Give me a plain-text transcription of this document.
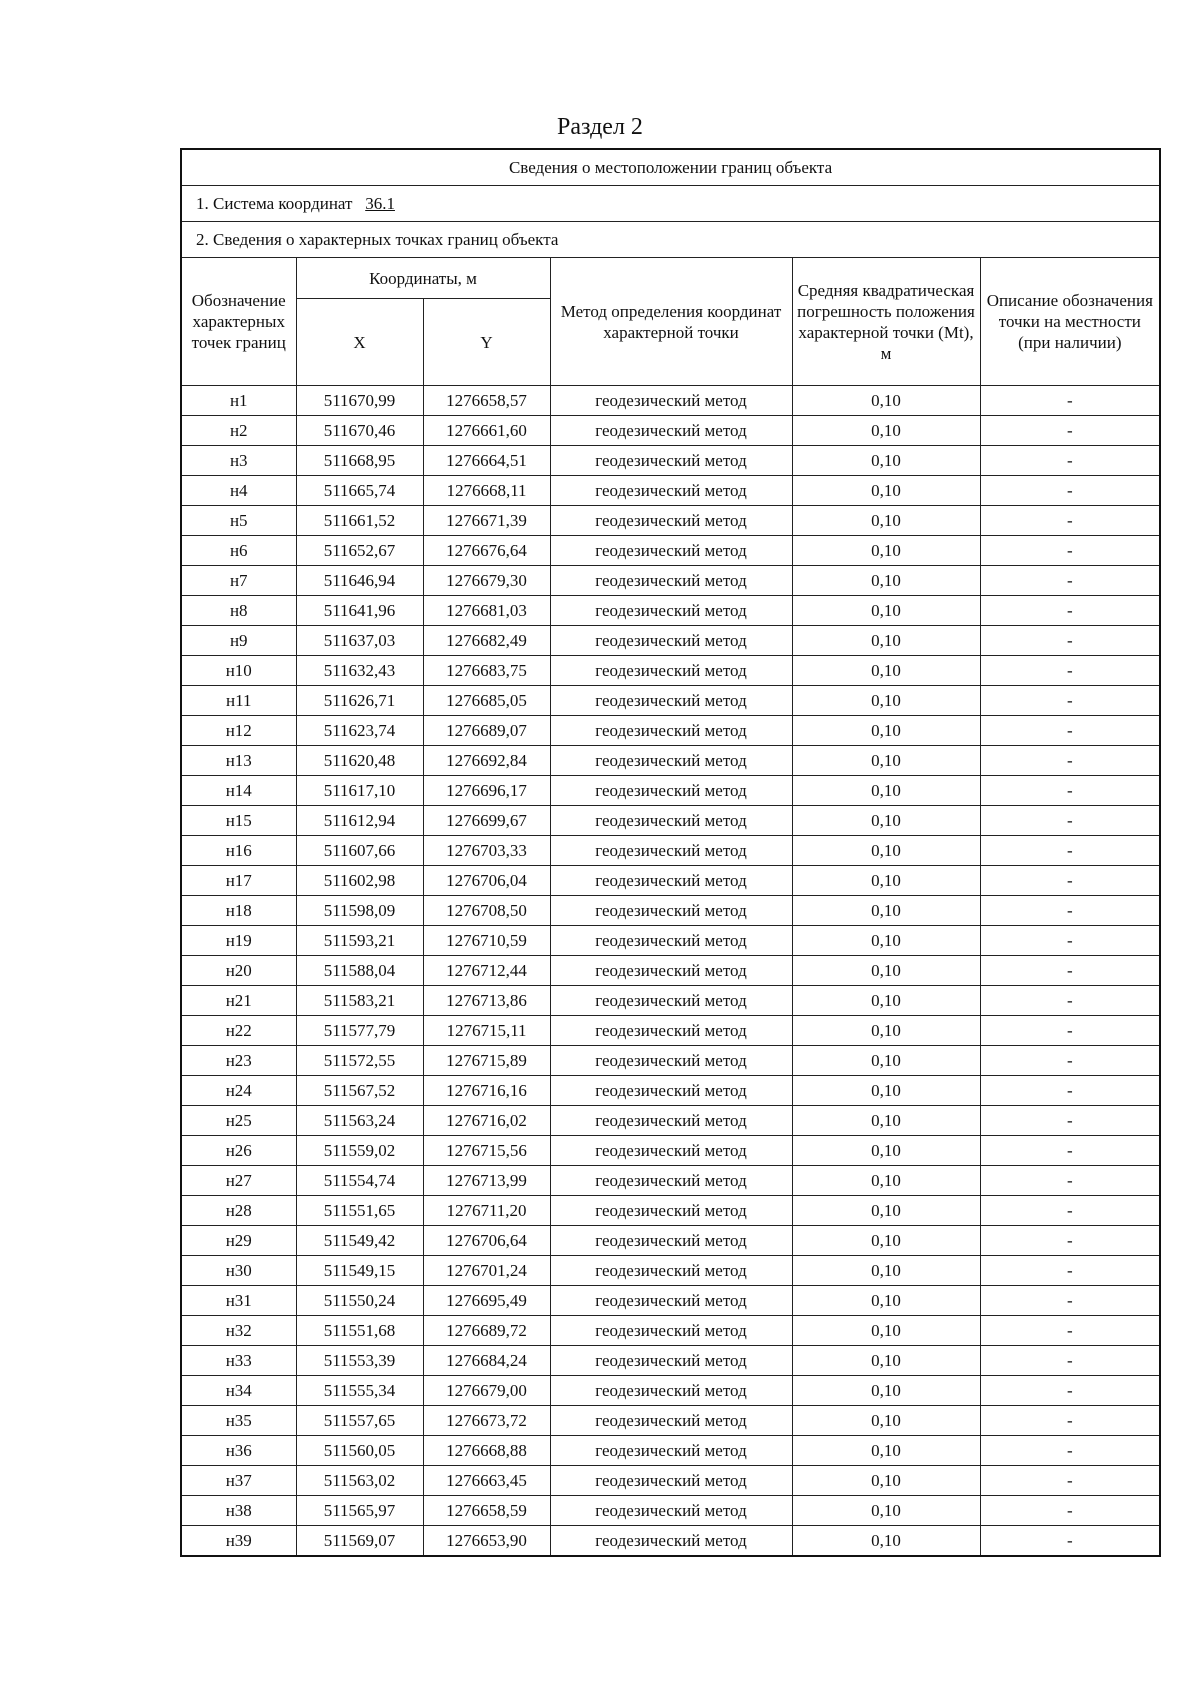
Раздел 2
Сведения о местоположении границ объекта					
1. Система координат 36.1					
2. Сведения о характерных точках границ объекта					
Обозначение характерных точек границ	Координаты, м		Метод определения координат характерной точки	Средняя квадратическая погрешность положения характерной точки (Mt), м	Описание обозначения точки на местности (при наличии)
	X	Y			
н1	511670,99	1276658,57	геодезический метод	0,10	-
н2	511670,46	1276661,60	геодезический метод	0,10	-
н3	511668,95	1276664,51	геодезический метод	0,10	-
н4	511665,74	1276668,11	геодезический метод	0,10	-
н5	511661,52	1276671,39	геодезический метод	0,10	-
н6	511652,67	1276676,64	геодезический метод	0,10	-
н7	511646,94	1276679,30	геодезический метод	0,10	-
н8	511641,96	1276681,03	геодезический метод	0,10	-
н9	511637,03	1276682,49	геодезический метод	0,10	-
н10	511632,43	1276683,75	геодезический метод	0,10	-
н11	511626,71	1276685,05	геодезический метод	0,10	-
н12	511623,74	1276689,07	геодезический метод	0,10	-
н13	511620,48	1276692,84	геодезический метод	0,10	-
н14	511617,10	1276696,17	геодезический метод	0,10	-
н15	511612,94	1276699,67	геодезический метод	0,10	-
н16	511607,66	1276703,33	геодезический метод	0,10	-
н17	511602,98	1276706,04	геодезический метод	0,10	-
н18	511598,09	1276708,50	геодезический метод	0,10	-
н19	511593,21	1276710,59	геодезический метод	0,10	-
н20	511588,04	1276712,44	геодезический метод	0,10	-
н21	511583,21	1276713,86	геодезический метод	0,10	-
н22	511577,79	1276715,11	геодезический метод	0,10	-
н23	511572,55	1276715,89	геодезический метод	0,10	-
н24	511567,52	1276716,16	геодезический метод	0,10	-
н25	511563,24	1276716,02	геодезический метод	0,10	-
н26	511559,02	1276715,56	геодезический метод	0,10	-
н27	511554,74	1276713,99	геодезический метод	0,10	-
н28	511551,65	1276711,20	геодезический метод	0,10	-
н29	511549,42	1276706,64	геодезический метод	0,10	-
н30	511549,15	1276701,24	геодезический метод	0,10	-
н31	511550,24	1276695,49	геодезический метод	0,10	-
н32	511551,68	1276689,72	геодезический метод	0,10	-
н33	511553,39	1276684,24	геодезический метод	0,10	-
н34	511555,34	1276679,00	геодезический метод	0,10	-
н35	511557,65	1276673,72	геодезический метод	0,10	-
н36	511560,05	1276668,88	геодезический метод	0,10	-
н37	511563,02	1276663,45	геодезический метод	0,10	-
н38	511565,97	1276658,59	геодезический метод	0,10	-
н39	511569,07	1276653,90	геодезический метод	0,10	-
